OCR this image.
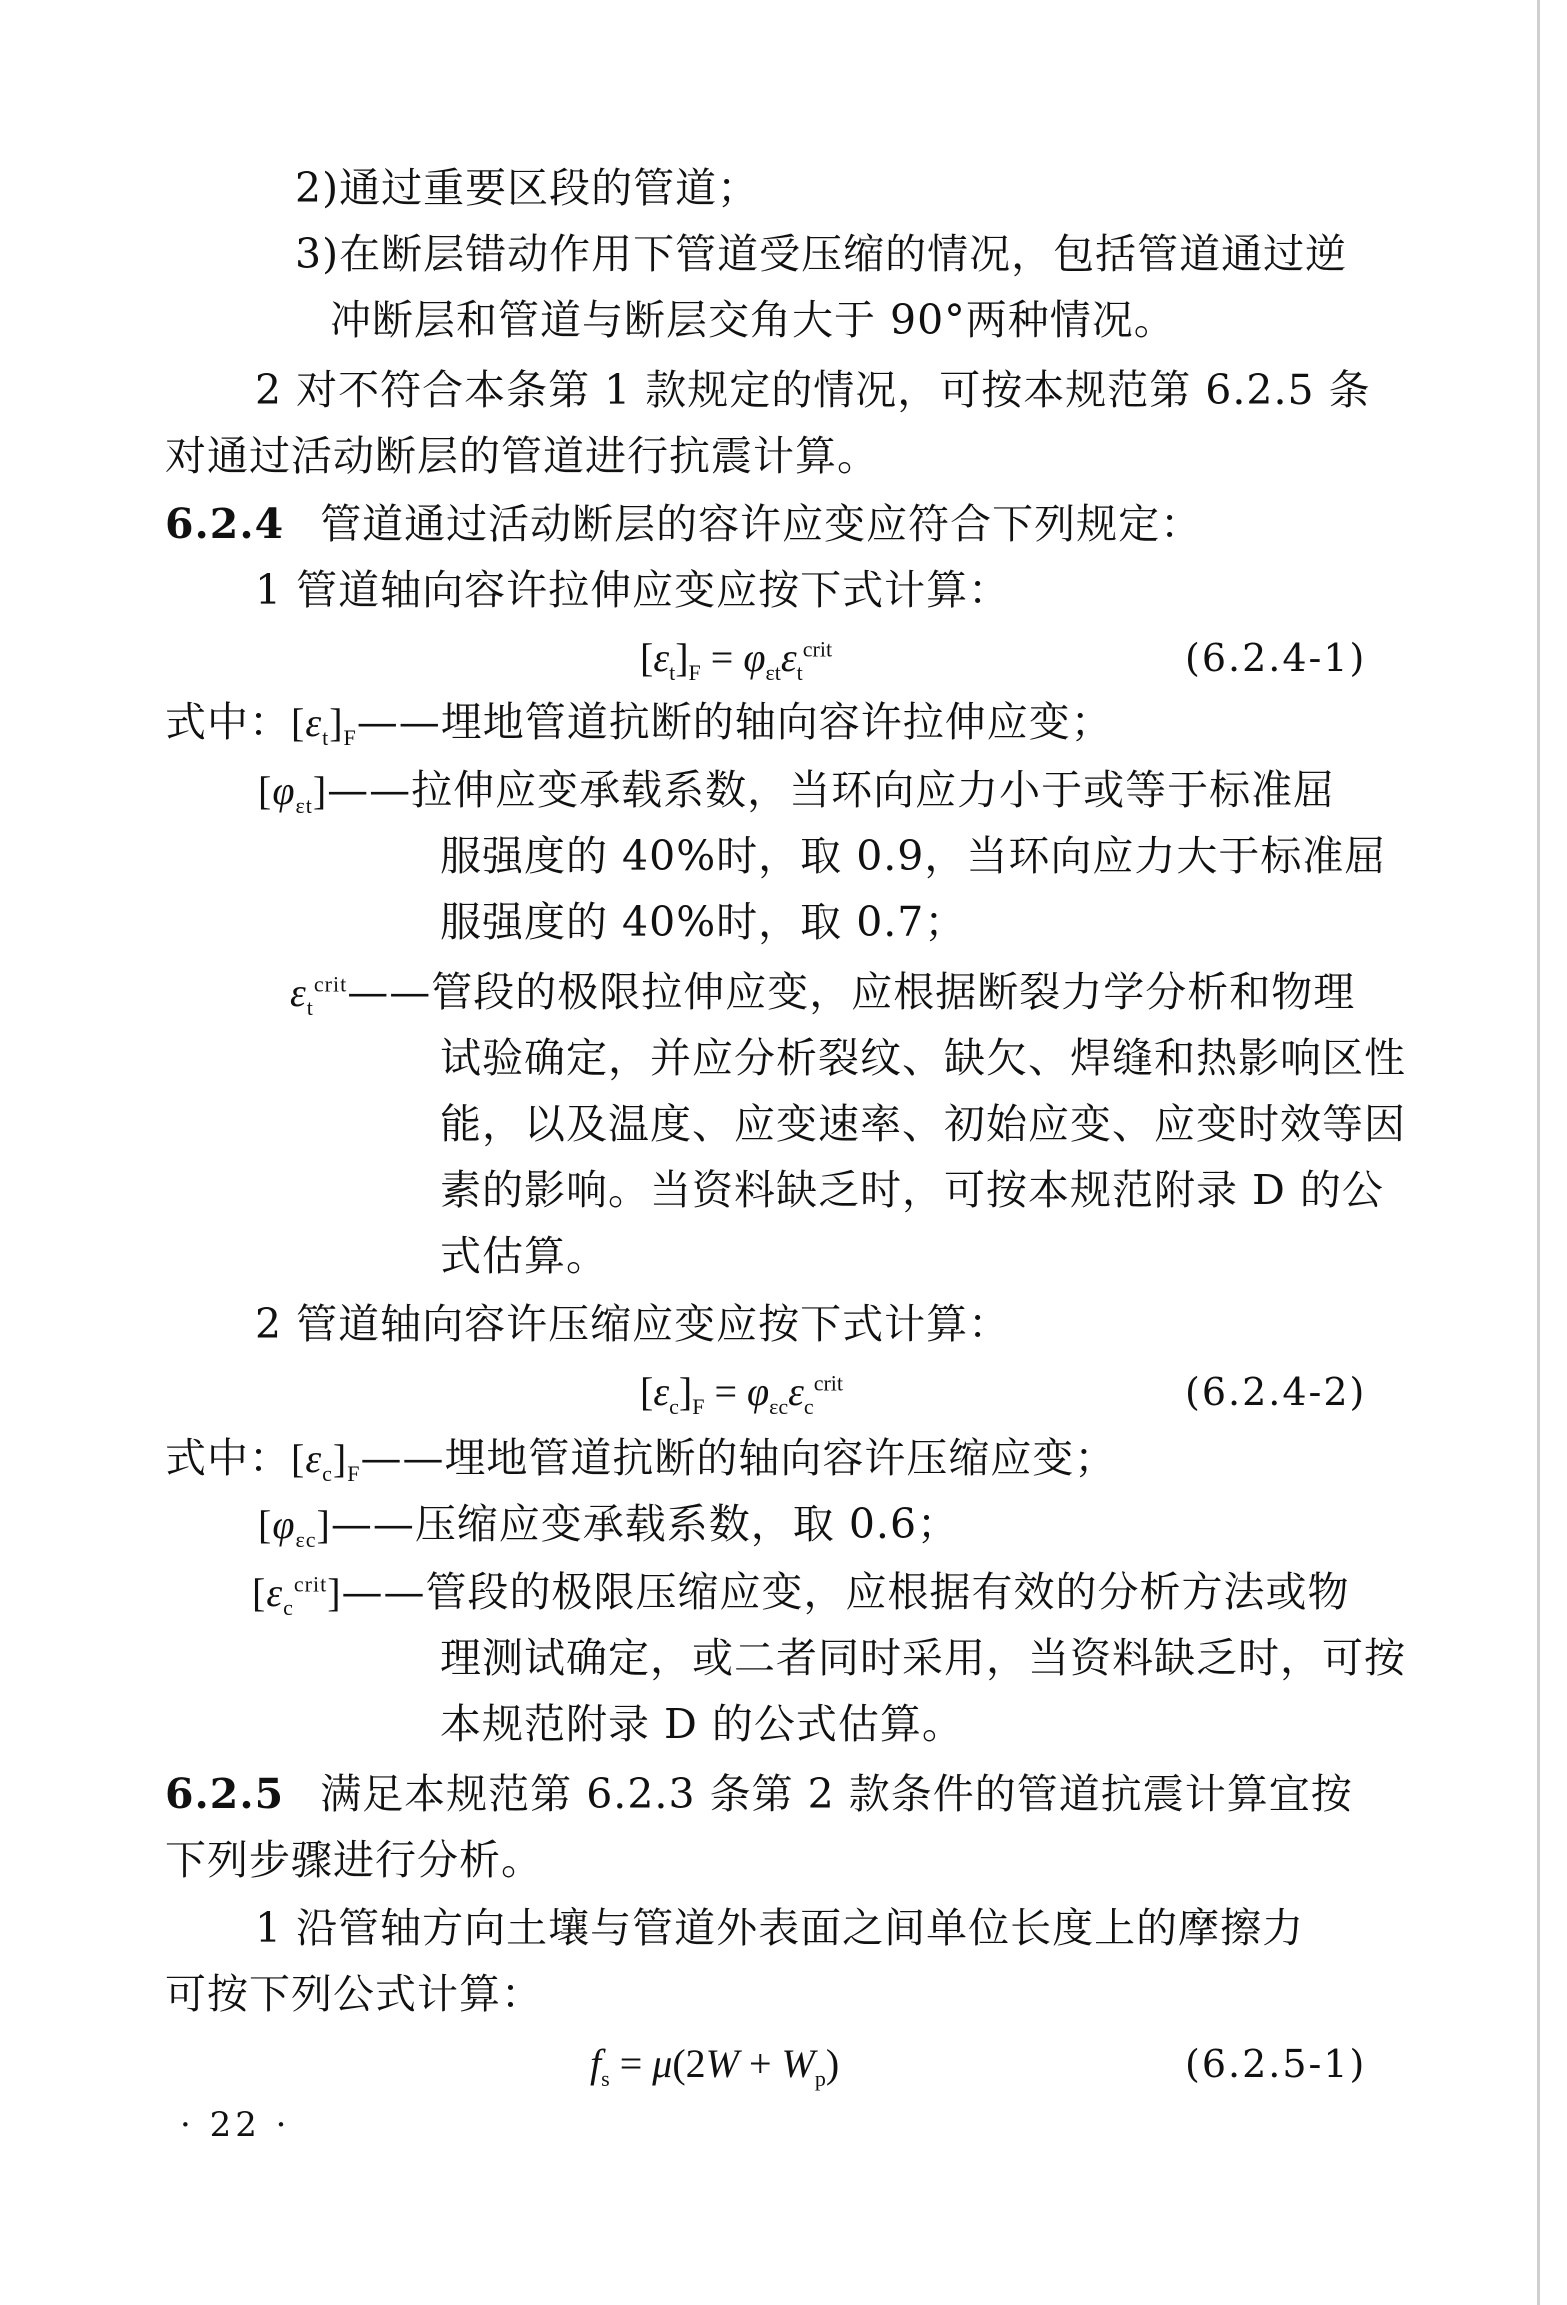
2)通过重要区段的管道；
3)在断层错动作用下管道受压缩的情况，包括管道通过逆
冲断层和管道与断层交角大于 90°两种情况。
2 对不符合本条第 1 款规定的情况，可按本规范第 6.2.5 条
对通过活动断层的管道进行抗震计算。
6.2.4 管道通过活动断层的容许应变应符合下列规定：
1 管道轴向容许拉伸应变应按下式计算：
$[\varepsilon_t]_F = \varphi_{\varepsilon t}\varepsilon_t^{crit}$	(6.2.4-1)
式中：$[\varepsilon_t]_F——$埋地管道抗断的轴向容许拉伸应变；
$[\varphi_{\varepsilon t}]——$拉伸应变承载系数，当环向应力小于或等于标准屈
服强度的 40%时，取 0.9，当环向应力大于标准屈
服强度的 40%时，取 0.7；
$\varepsilon_t^{crit}——$管段的极限拉伸应变，应根据断裂力学分析和物理
试验确定，并应分析裂纹、缺欠、焊缝和热影响区性
能，以及温度、应变速率、初始应变、应变时效等因
素的影响。当资料缺乏时，可按本规范附录 D 的公
式估算。
2 管道轴向容许压缩应变应按下式计算：
$[\varepsilon_c]_F = \varphi_{\varepsilon c}\varepsilon_c^{crit}$	(6.2.4-2)
式中：$[\varepsilon_c]_F——$埋地管道抗断的轴向容许压缩应变；
$[\varphi_{\varepsilon c}]——$压缩应变承载系数，取 0.6；
$[\varepsilon_c^{crit}]——$管段的极限压缩应变，应根据有效的分析方法或物
理测试确定，或二者同时采用，当资料缺乏时，可按
本规范附录 D 的公式估算。
6.2.5 满足本规范第 6.2.3 条第 2 款条件的管道抗震计算宜按
下列步骤进行分析。
1 沿管轴方向土壤与管道外表面之间单位长度上的摩擦力
可按下列公式计算：
$f_s = \mu(2W + W_p)$	(6.2.5-1)
· 22 ·
